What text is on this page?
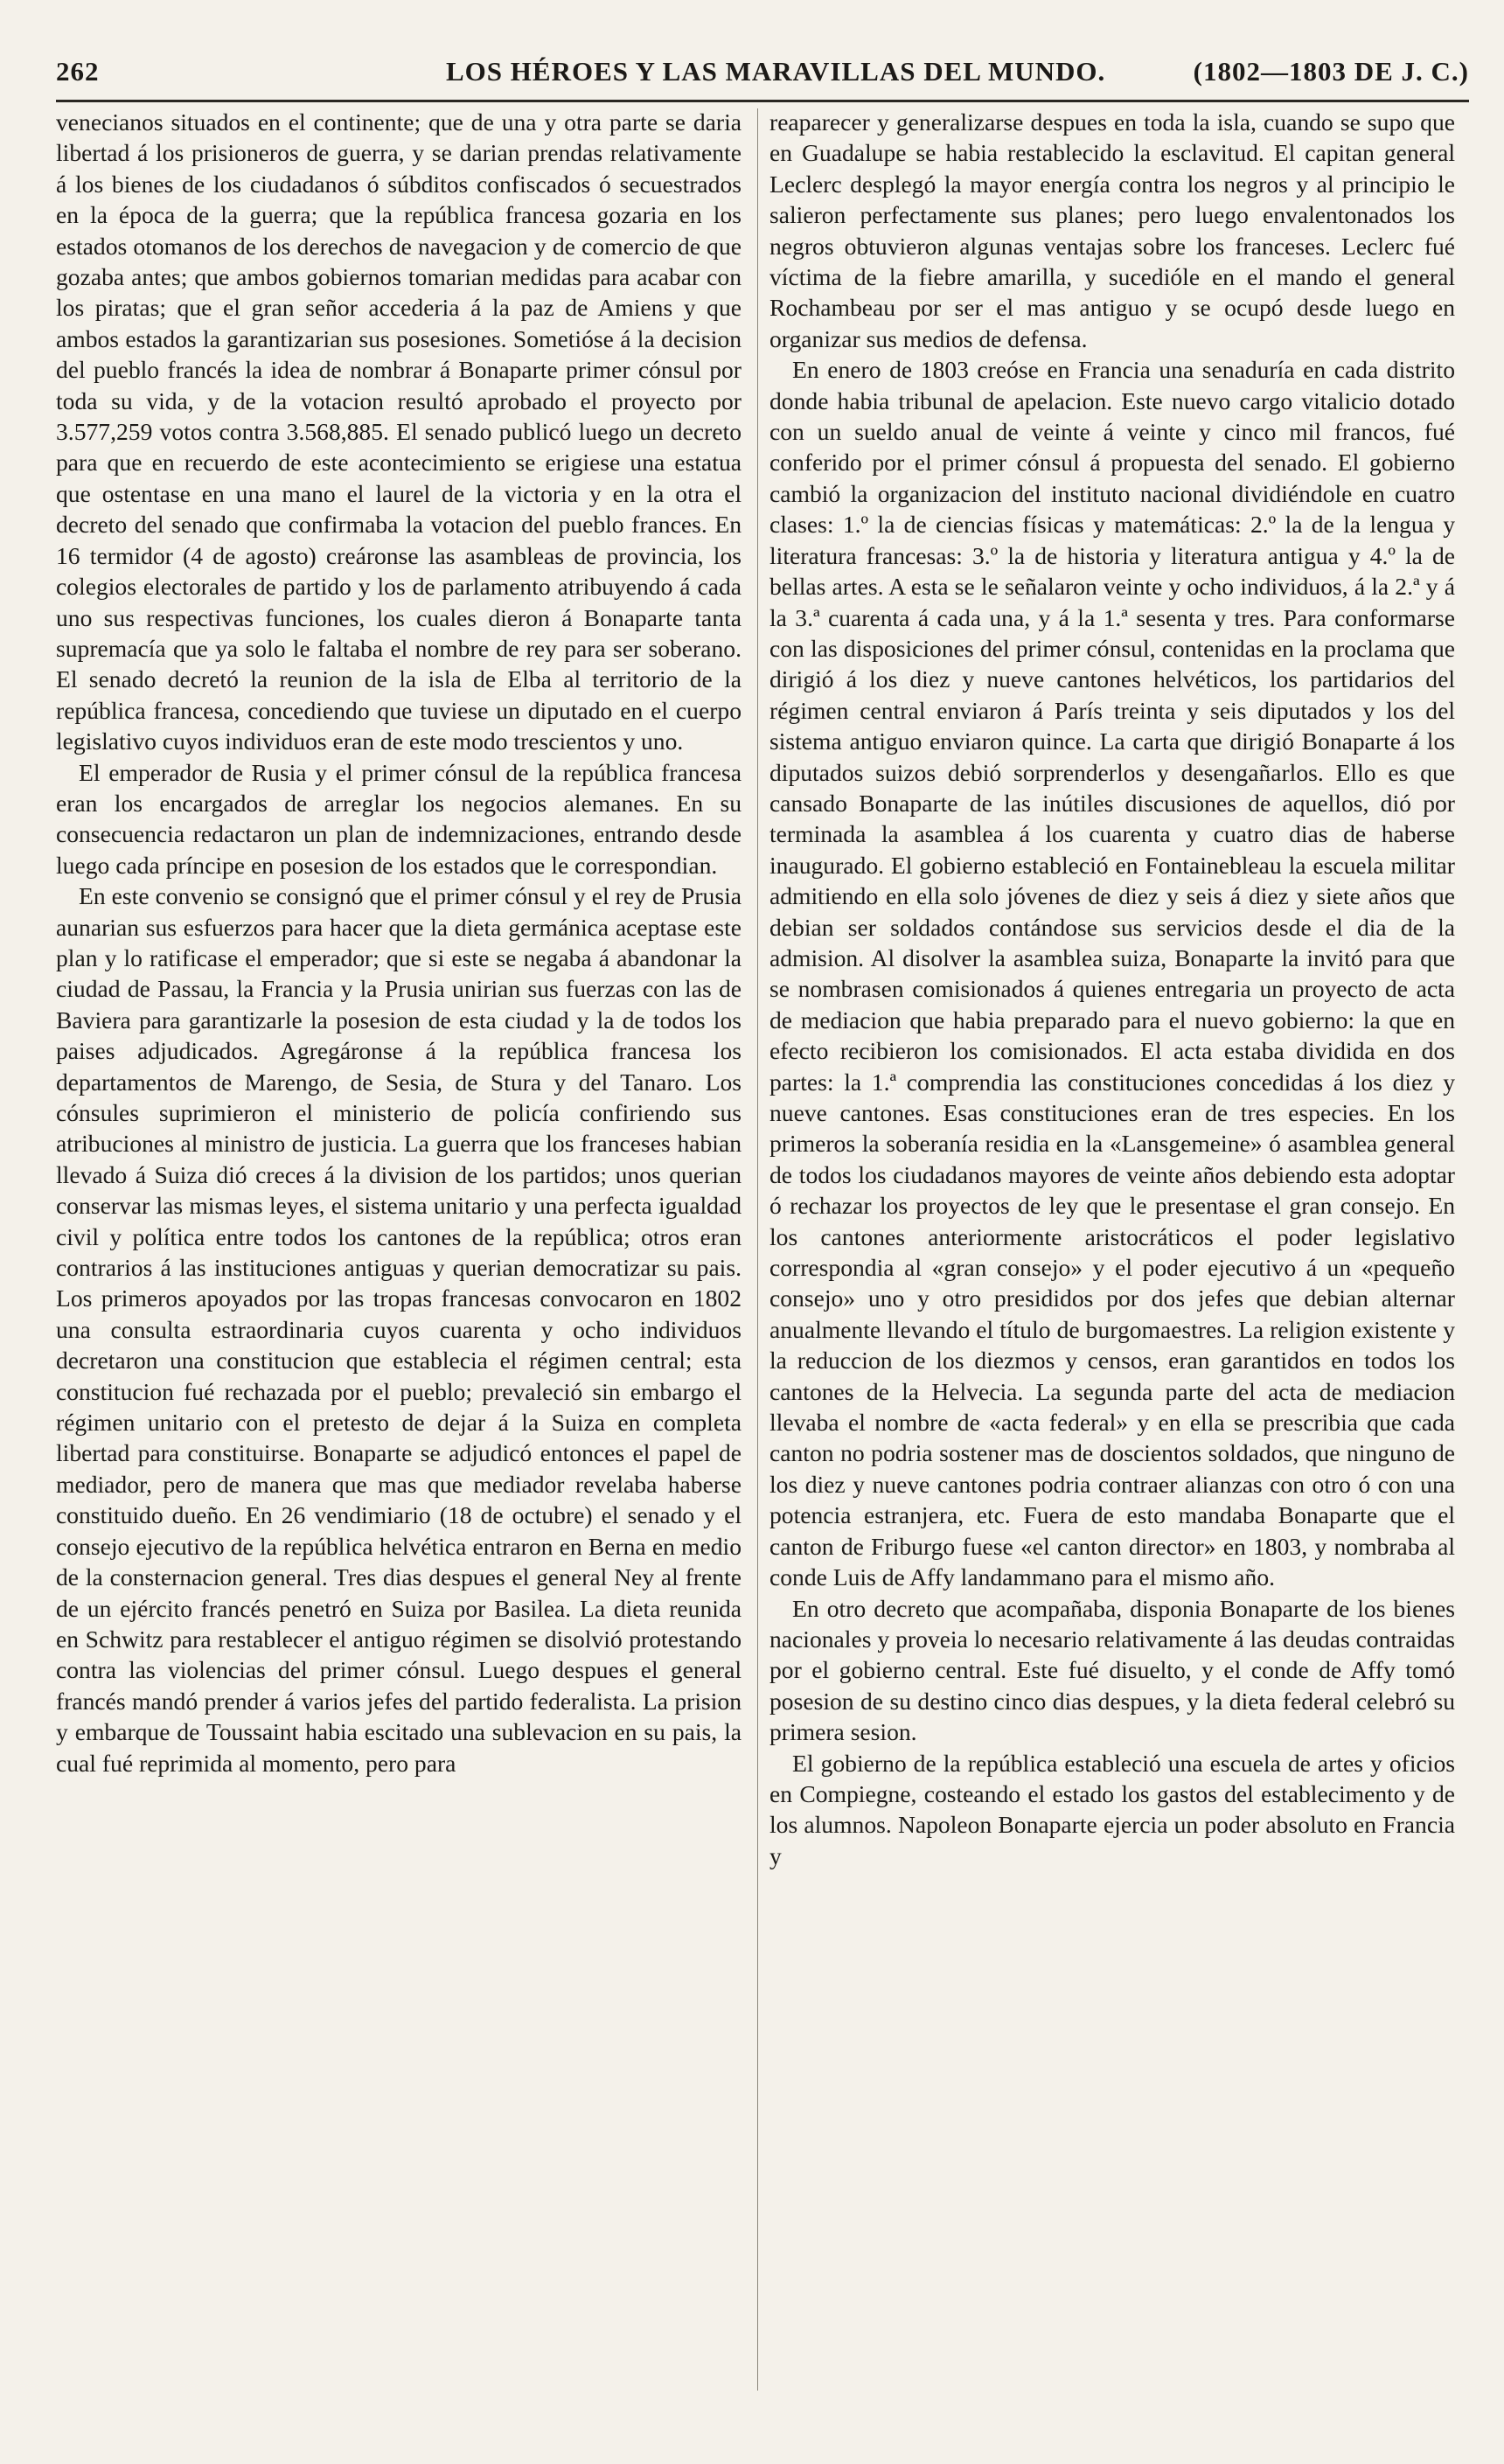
262	LOS HÉROES Y LAS MARAVILLAS DEL MUNDO.	(1802—1803 DE J. C.)

venecianos situados en el continente; que de una y otra parte se daria libertad á los prisioneros de guerra, y se darian prendas relativamente á los bienes de los ciudadanos ó súbditos confiscados ó secuestrados en la época de la guerra; que la república francesa gozaria en los estados otomanos de los derechos de navegacion y de comercio de que gozaba antes; que ambos gobiernos tomarian medidas para acabar con los piratas; que el gran señor accederia á la paz de Amiens y que ambos estados la garantizarian sus posesiones. Sometióse á la decision del pueblo francés la idea de nombrar á Bonaparte primer cónsul por toda su vida, y de la votacion resultó aprobado el proyecto por 3.577,259 votos contra 3.568,885. El senado publicó luego un decreto para que en recuerdo de este acontecimiento se erigiese una estatua que ostentase en una mano el laurel de la victoria y en la otra el decreto del senado que confirmaba la votacion del pueblo frances. En 16 termidor (4 de agosto) creáronse las asambleas de provincia, los colegios electorales de partido y los de parlamento atribuyendo á cada uno sus respectivas funciones, los cuales dieron á Bonaparte tanta supremacía que ya solo le faltaba el nombre de rey para ser soberano. El senado decretó la reunion de la isla de Elba al territorio de la república francesa, concediendo que tuviese un diputado en el cuerpo legislativo cuyos individuos eran de este modo trescientos y uno.

El emperador de Rusia y el primer cónsul de la república francesa eran los encargados de arreglar los negocios alemanes. En su consecuencia redactaron un plan de indemnizaciones, entrando desde luego cada príncipe en posesion de los estados que le correspondian.

En este convenio se consignó que el primer cónsul y el rey de Prusia aunarian sus esfuerzos para hacer que la dieta germánica aceptase este plan y lo ratificase el emperador; que si este se negaba á abandonar la ciudad de Passau, la Francia y la Prusia unirian sus fuerzas con las de Baviera para garantizarle la posesion de esta ciudad y la de todos los paises adjudicados. Agregáronse á la república francesa los departamentos de Marengo, de Sesia, de Stura y del Tanaro. Los cónsules suprimieron el ministerio de policía confiriendo sus atribuciones al ministro de justicia. La guerra que los franceses habian llevado á Suiza dió creces á la division de los partidos; unos querian conservar las mismas leyes, el sistema unitario y una perfecta igualdad civil y política entre todos los cantones de la república; otros eran contrarios á las instituciones antiguas y querian democratizar su pais. Los primeros apoyados por las tropas francesas convocaron en 1802 una consulta estraordinaria cuyos cuarenta y ocho individuos decretaron una constitucion que establecia el régimen central; esta constitucion fué rechazada por el pueblo; prevaleció sin embargo el régimen unitario con el pretesto de dejar á la Suiza en completa libertad para constituirse. Bonaparte se adjudicó entonces el papel de mediador, pero de manera que mas que mediador revelaba haberse constituido dueño. En 26 vendimiario (18 de octubre) el senado y el consejo ejecutivo de la república helvética entraron en Berna en medio de la consternacion general. Tres dias despues el general Ney al frente de un ejército francés penetró en Suiza por Basilea. La dieta reunida en Schwitz para restablecer el antiguo régimen se disolvió protestando contra las violencias del primer cónsul. Luego despues el general francés mandó prender á varios jefes del partido federalista. La prision y embarque de Toussaint habia escitado una sublevacion en su pais, la cual fué reprimida al momento, pero para

reaparecer y generalizarse despues en toda la isla, cuando se supo que en Guadalupe se habia restablecido la esclavitud. El capitan general Leclerc desplegó la mayor energía contra los negros y al principio le salieron perfectamente sus planes; pero luego envalentonados los negros obtuvieron algunas ventajas sobre los franceses. Leclerc fué víctima de la fiebre amarilla, y sucedióle en el mando el general Rochambeau por ser el mas antiguo y se ocupó desde luego en organizar sus medios de defensa.

En enero de 1803 creóse en Francia una senaduría en cada distrito donde habia tribunal de apelacion. Este nuevo cargo vitalicio dotado con un sueldo anual de veinte á veinte y cinco mil francos, fué conferido por el primer cónsul á propuesta del senado. El gobierno cambió la organizacion del instituto nacional dividiéndole en cuatro clases: 1.º la de ciencias físicas y matemáticas: 2.º la de la lengua y literatura francesas: 3.º la de historia y literatura antigua y 4.º la de bellas artes. A esta se le señalaron veinte y ocho individuos, á la 2.ª y á la 3.ª cuarenta á cada una, y á la 1.ª sesenta y tres. Para conformarse con las disposiciones del primer cónsul, contenidas en la proclama que dirigió á los diez y nueve cantones helvéticos, los partidarios del régimen central enviaron á París treinta y seis diputados y los del sistema antiguo enviaron quince. La carta que dirigió Bonaparte á los diputados suizos debió sorprenderlos y desengañarlos. Ello es que cansado Bonaparte de las inútiles discusiones de aquellos, dió por terminada la asamblea á los cuarenta y cuatro dias de haberse inaugurado. El gobierno estableció en Fontainebleau la escuela militar admitiendo en ella solo jóvenes de diez y seis á diez y siete años que debian ser soldados contándose sus servicios desde el dia de la admision. Al disolver la asamblea suiza, Bonaparte la invitó para que se nombrasen comisionados á quienes entregaria un proyecto de acta de mediacion que habia preparado para el nuevo gobierno: la que en efecto recibieron los comisionados. El acta estaba dividida en dos partes: la 1.ª comprendia las constituciones concedidas á los diez y nueve cantones. Esas constituciones eran de tres especies. En los primeros la soberanía residia en la «Lansgemeine» ó asamblea general de todos los ciudadanos mayores de veinte años debiendo esta adoptar ó rechazar los proyectos de ley que le presentase el gran consejo. En los cantones anteriormente aristocráticos el poder legislativo correspondia al «gran consejo» y el poder ejecutivo á un «pequeño consejo» uno y otro presididos por dos jefes que debian alternar anualmente llevando el título de burgomaestres. La religion existente y la reduccion de los diezmos y censos, eran garantidos en todos los cantones de la Helvecia. La segunda parte del acta de mediacion llevaba el nombre de «acta federal» y en ella se prescribia que cada canton no podria sostener mas de doscientos soldados, que ninguno de los diez y nueve cantones podria contraer alianzas con otro ó con una potencia estranjera, etc. Fuera de esto mandaba Bonaparte que el canton de Friburgo fuese «el canton director» en 1803, y nombraba al conde Luis de Affy landammano para el mismo año.

En otro decreto que acompañaba, disponia Bonaparte de los bienes nacionales y proveia lo necesario relativamente á las deudas contraidas por el gobierno central. Este fué disuelto, y el conde de Affy tomó posesion de su destino cinco dias despues, y la dieta federal celebró su primera sesion.

El gobierno de la república estableció una escuela de artes y oficios en Compiegne, costeando el estado los gastos del establecimento y de los alumnos. Napoleon Bonaparte ejercia un poder absoluto en Francia y
